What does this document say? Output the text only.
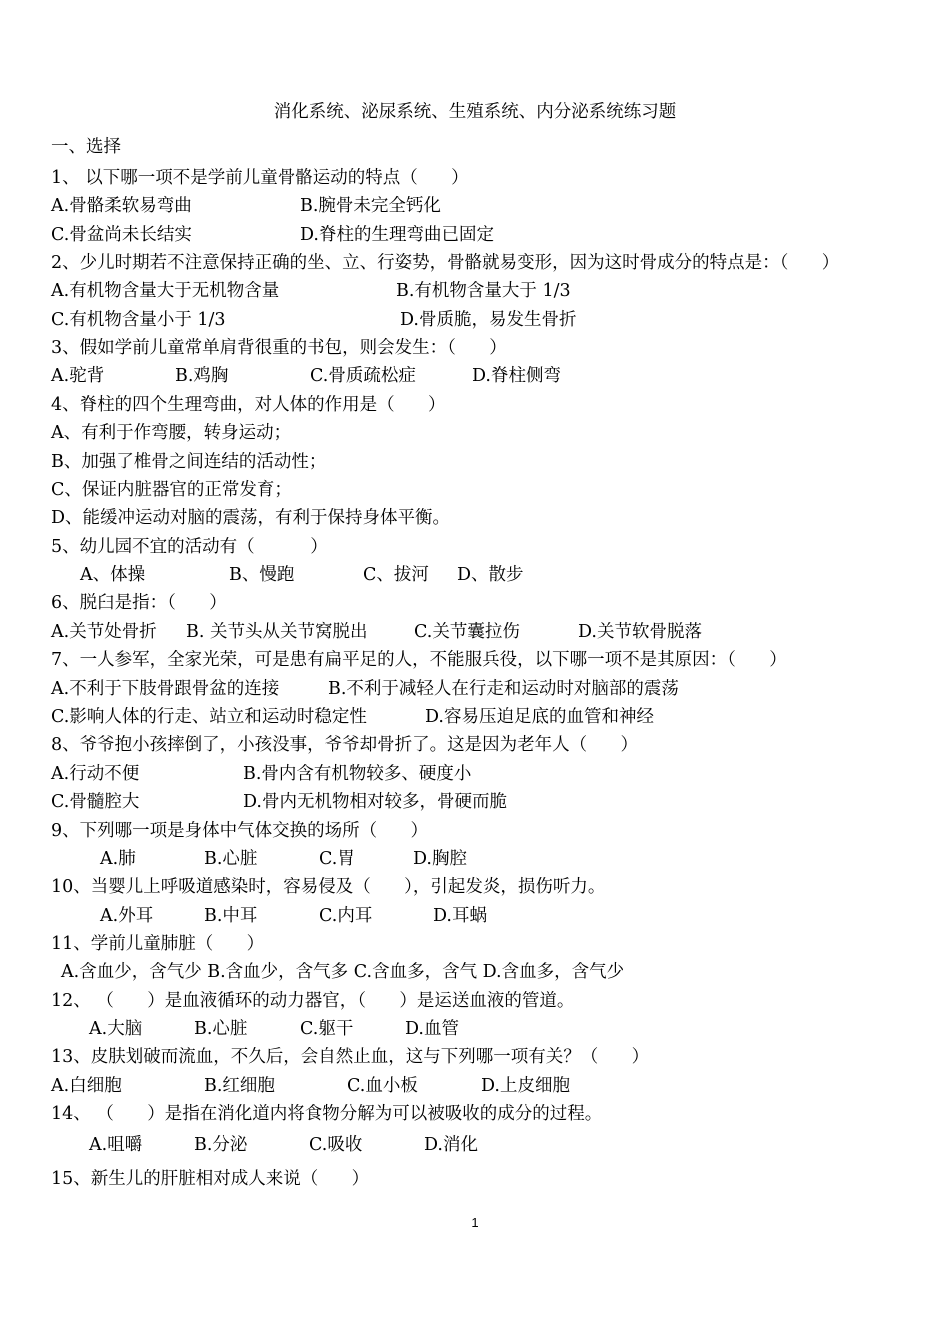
消化系统、泌尿系统、生殖系统、内分泌系统练习题
一、选择
1、 以下哪一项不是学前儿童骨骼运动的特点（      ）
A.骨骼柔软易弯曲	B.腕骨未完全钙化
C.骨盆尚未长结实	D.脊柱的生理弯曲已固定
2、少儿时期若不注意保持正确的坐、立、行姿势，骨骼就易变形，因为这时骨成分的特点是：（      ）
A.有机物含量大于无机物含量	B.有机物含量大于 1/3
C.有机物含量小于 1/3	D.骨质脆，易发生骨折
3、假如学前儿童常单肩背很重的书包，则会发生：（      ）
A.驼背	B.鸡胸	C.骨质疏松症	D.脊柱侧弯
4、脊柱的四个生理弯曲，对人体的作用是（      ）
A、有利于作弯腰，转身运动；
B、加强了椎骨之间连结的活动性；
C、保证内脏器官的正常发育；
D、能缓冲运动对脑的震荡，有利于保持身体平衡。
5、幼儿园不宜的活动有（          ）
A、体操	B、慢跑	C、拔河 D、散步
6、脱臼是指：（      ）
A.关节处骨折 B. 关节头从关节窝脱出	C.关节囊拉伤	D.关节软骨脱落
7、一人参军，全家光荣，可是患有扁平足的人，不能服兵役，以下哪一项不是其原因：（      ）
A.不利于下肢骨跟骨盆的连接	B.不利于减轻人在行走和运动时对脑部的震荡
C.影响人体的行走、站立和运动时稳定性	D.容易压迫足底的血管和神经
8、爷爷抱小孩摔倒了，小孩没事，爷爷却骨折了。这是因为老年人（      ）
A.行动不便	B.骨内含有机物较多、硬度小
C.骨髓腔大	D.骨内无机物相对较多，骨硬而脆
9、下列哪一项是身体中气体交换的场所（      ）
A.肺	B.心脏	C.胃	D.胸腔
10、当婴儿上呼吸道感染时，容易侵及（      ），引起发炎，损伤听力。
A.外耳	B.中耳	C.内耳	D.耳蜗
11、学前儿童肺脏（      ）
A.含血少，含气少 B.含血少，含气多 C.含血多，含气 D.含血多，含气少
12、 （      ）是血液循环的动力器官，（      ）是运送血液的管道。
A.大脑	B.心脏	C.躯干	D.血管
13、皮肤划破而流血，不久后，会自然止血，这与下列哪一项有关？（      ）
A.白细胞	B.红细胞	C.血小板	D.上皮细胞
14、 （      ）是指在消化道内将食物分解为可以被吸收的成分的过程。
A.咀嚼	B.分泌	C.吸收	D.消化
15、新生儿的肝脏相对成人来说（      ）
1
